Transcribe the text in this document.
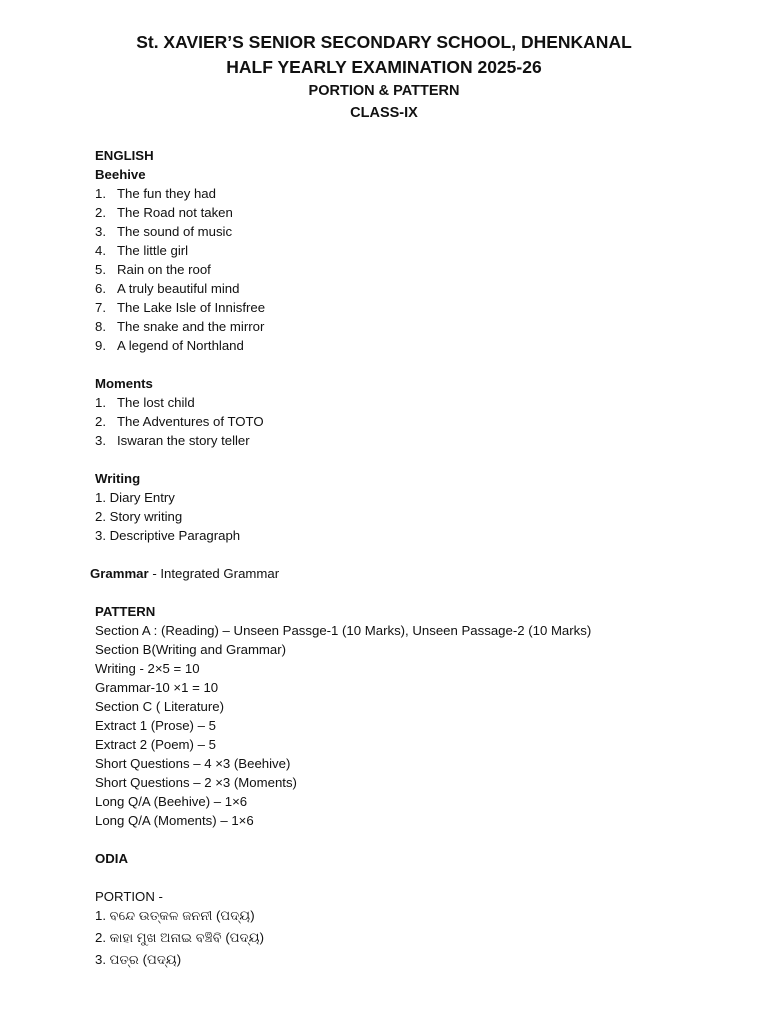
St. XAVIER’S SENIOR SECONDARY SCHOOL, DHENKANAL
HALF YEARLY EXAMINATION 2025-26
PORTION & PATTERN
CLASS-IX
ENGLISH
Beehive
1. The fun they had
2. The Road not taken
3. The sound of music
4. The little girl
5. Rain on the roof
6. A truly beautiful mind
7. The Lake Isle of Innisfree
8. The snake and the mirror
9. A legend of Northland
Moments
1. The lost child
2. The Adventures of TOTO
3. Iswaran the story teller
Writing
1. Diary Entry
2. Story writing
3. Descriptive Paragraph
Grammar - Integrated Grammar
PATTERN
Section A : (Reading) – Unseen Passge-1 (10 Marks), Unseen Passage-2 (10 Marks)
Section B(Writing and Grammar)
Writing - 2×5 = 10
Grammar-10 ×1 = 10
Section C ( Literature)
Extract 1 (Prose) – 5
Extract 2 (Poem) – 5
Short Questions – 4 ×3 (Beehive)
Short Questions – 2 ×3 (Moments)
Long Q/A (Beehive) – 1×6
Long Q/A (Moments) – 1×6
ODIA
PORTION -
1. ବନ୍ଦେ ଉତ୍କଳ ଜନନୀ (ପଦ୍ୟ)
2. କାହା ମୁଖ ଅନାଇ ବଞ୍ଚିବି (ପଦ୍ୟ)
3. ପତ୍ର (ପଦ୍ୟ)
